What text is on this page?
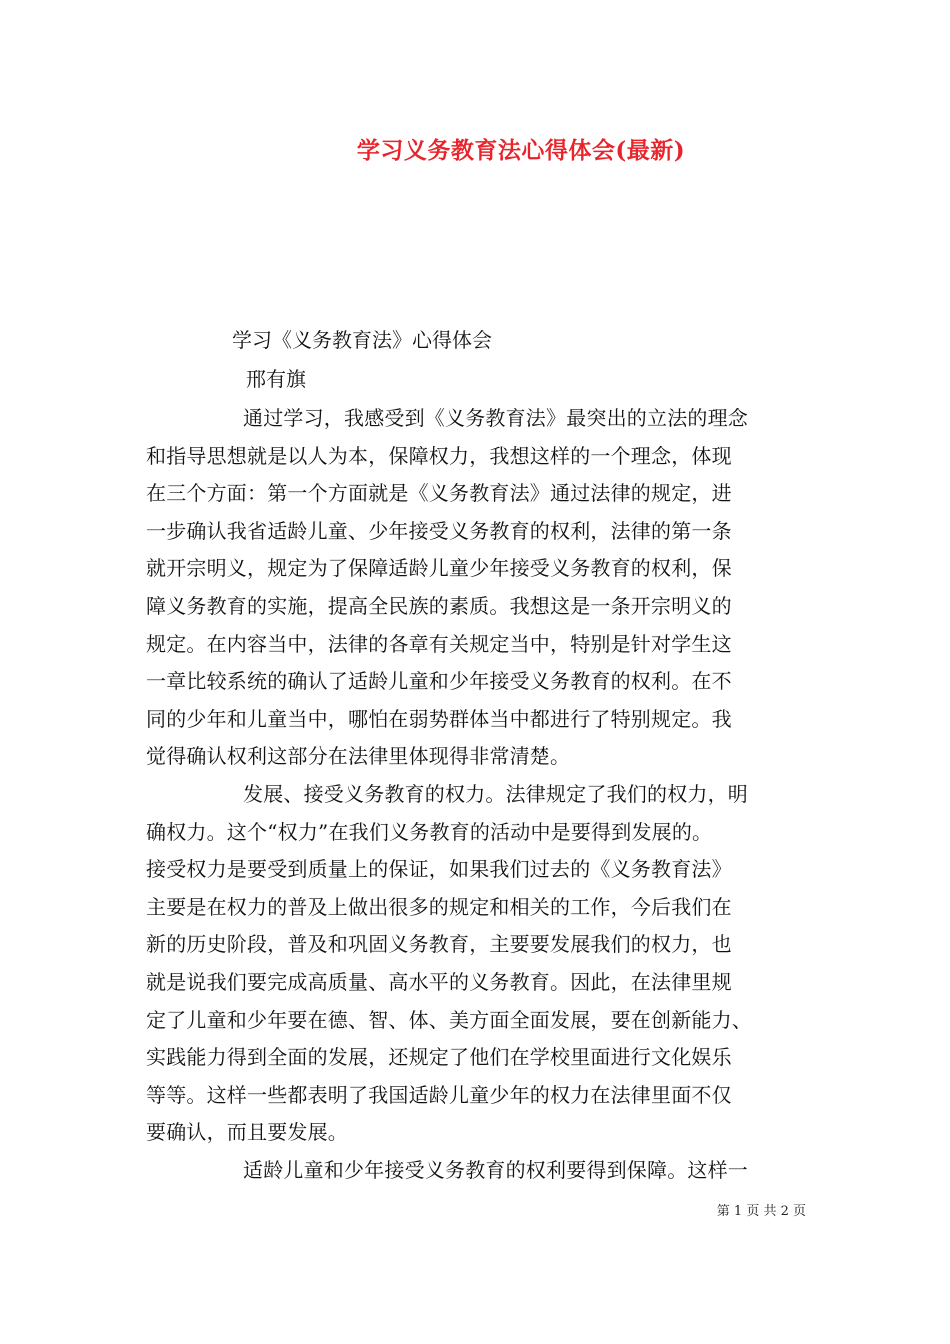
学习义务教育法心得体会(最新)
学习《义务教育法》心得体会
邢有旗
通过学习，我感受到《义务教育法》最突出的立法的理念
和指导思想就是以人为本，保障权力，我想这样的一个理念，体现
在三个方面：第一个方面就是《义务教育法》通过法律的规定，进
一步确认我省适龄儿童、少年接受义务教育的权利，法律的第一条
就开宗明义，规定为了保障适龄儿童少年接受义务教育的权利，保
障义务教育的实施，提高全民族的素质。我想这是一条开宗明义的
规定。在内容当中，法律的各章有关规定当中，特别是针对学生这
一章比较系统的确认了适龄儿童和少年接受义务教育的权利。在不
同的少年和儿童当中，哪怕在弱势群体当中都进行了特别规定。我
觉得确认权利这部分在法律里体现得非常清楚。
发展、接受义务教育的权力。法律规定了我们的权力，明
确权力。这个“权力”在我们义务教育的活动中是要得到发展的。
接受权力是要受到质量上的保证，如果我们过去的《义务教育法》
主要是在权力的普及上做出很多的规定和相关的工作，今后我们在
新的历史阶段，普及和巩固义务教育，主要要发展我们的权力，也
就是说我们要完成高质量、高水平的义务教育。因此，在法律里规
定了儿童和少年要在德、智、体、美方面全面发展，要在创新能力、
实践能力得到全面的发展，还规定了他们在学校里面进行文化娱乐
等等。这样一些都表明了我国适龄儿童少年的权力在法律里面不仅
要确认，而且要发展。
适龄儿童和少年接受义务教育的权利要得到保障。这样一
第 1 页 共 2 页
